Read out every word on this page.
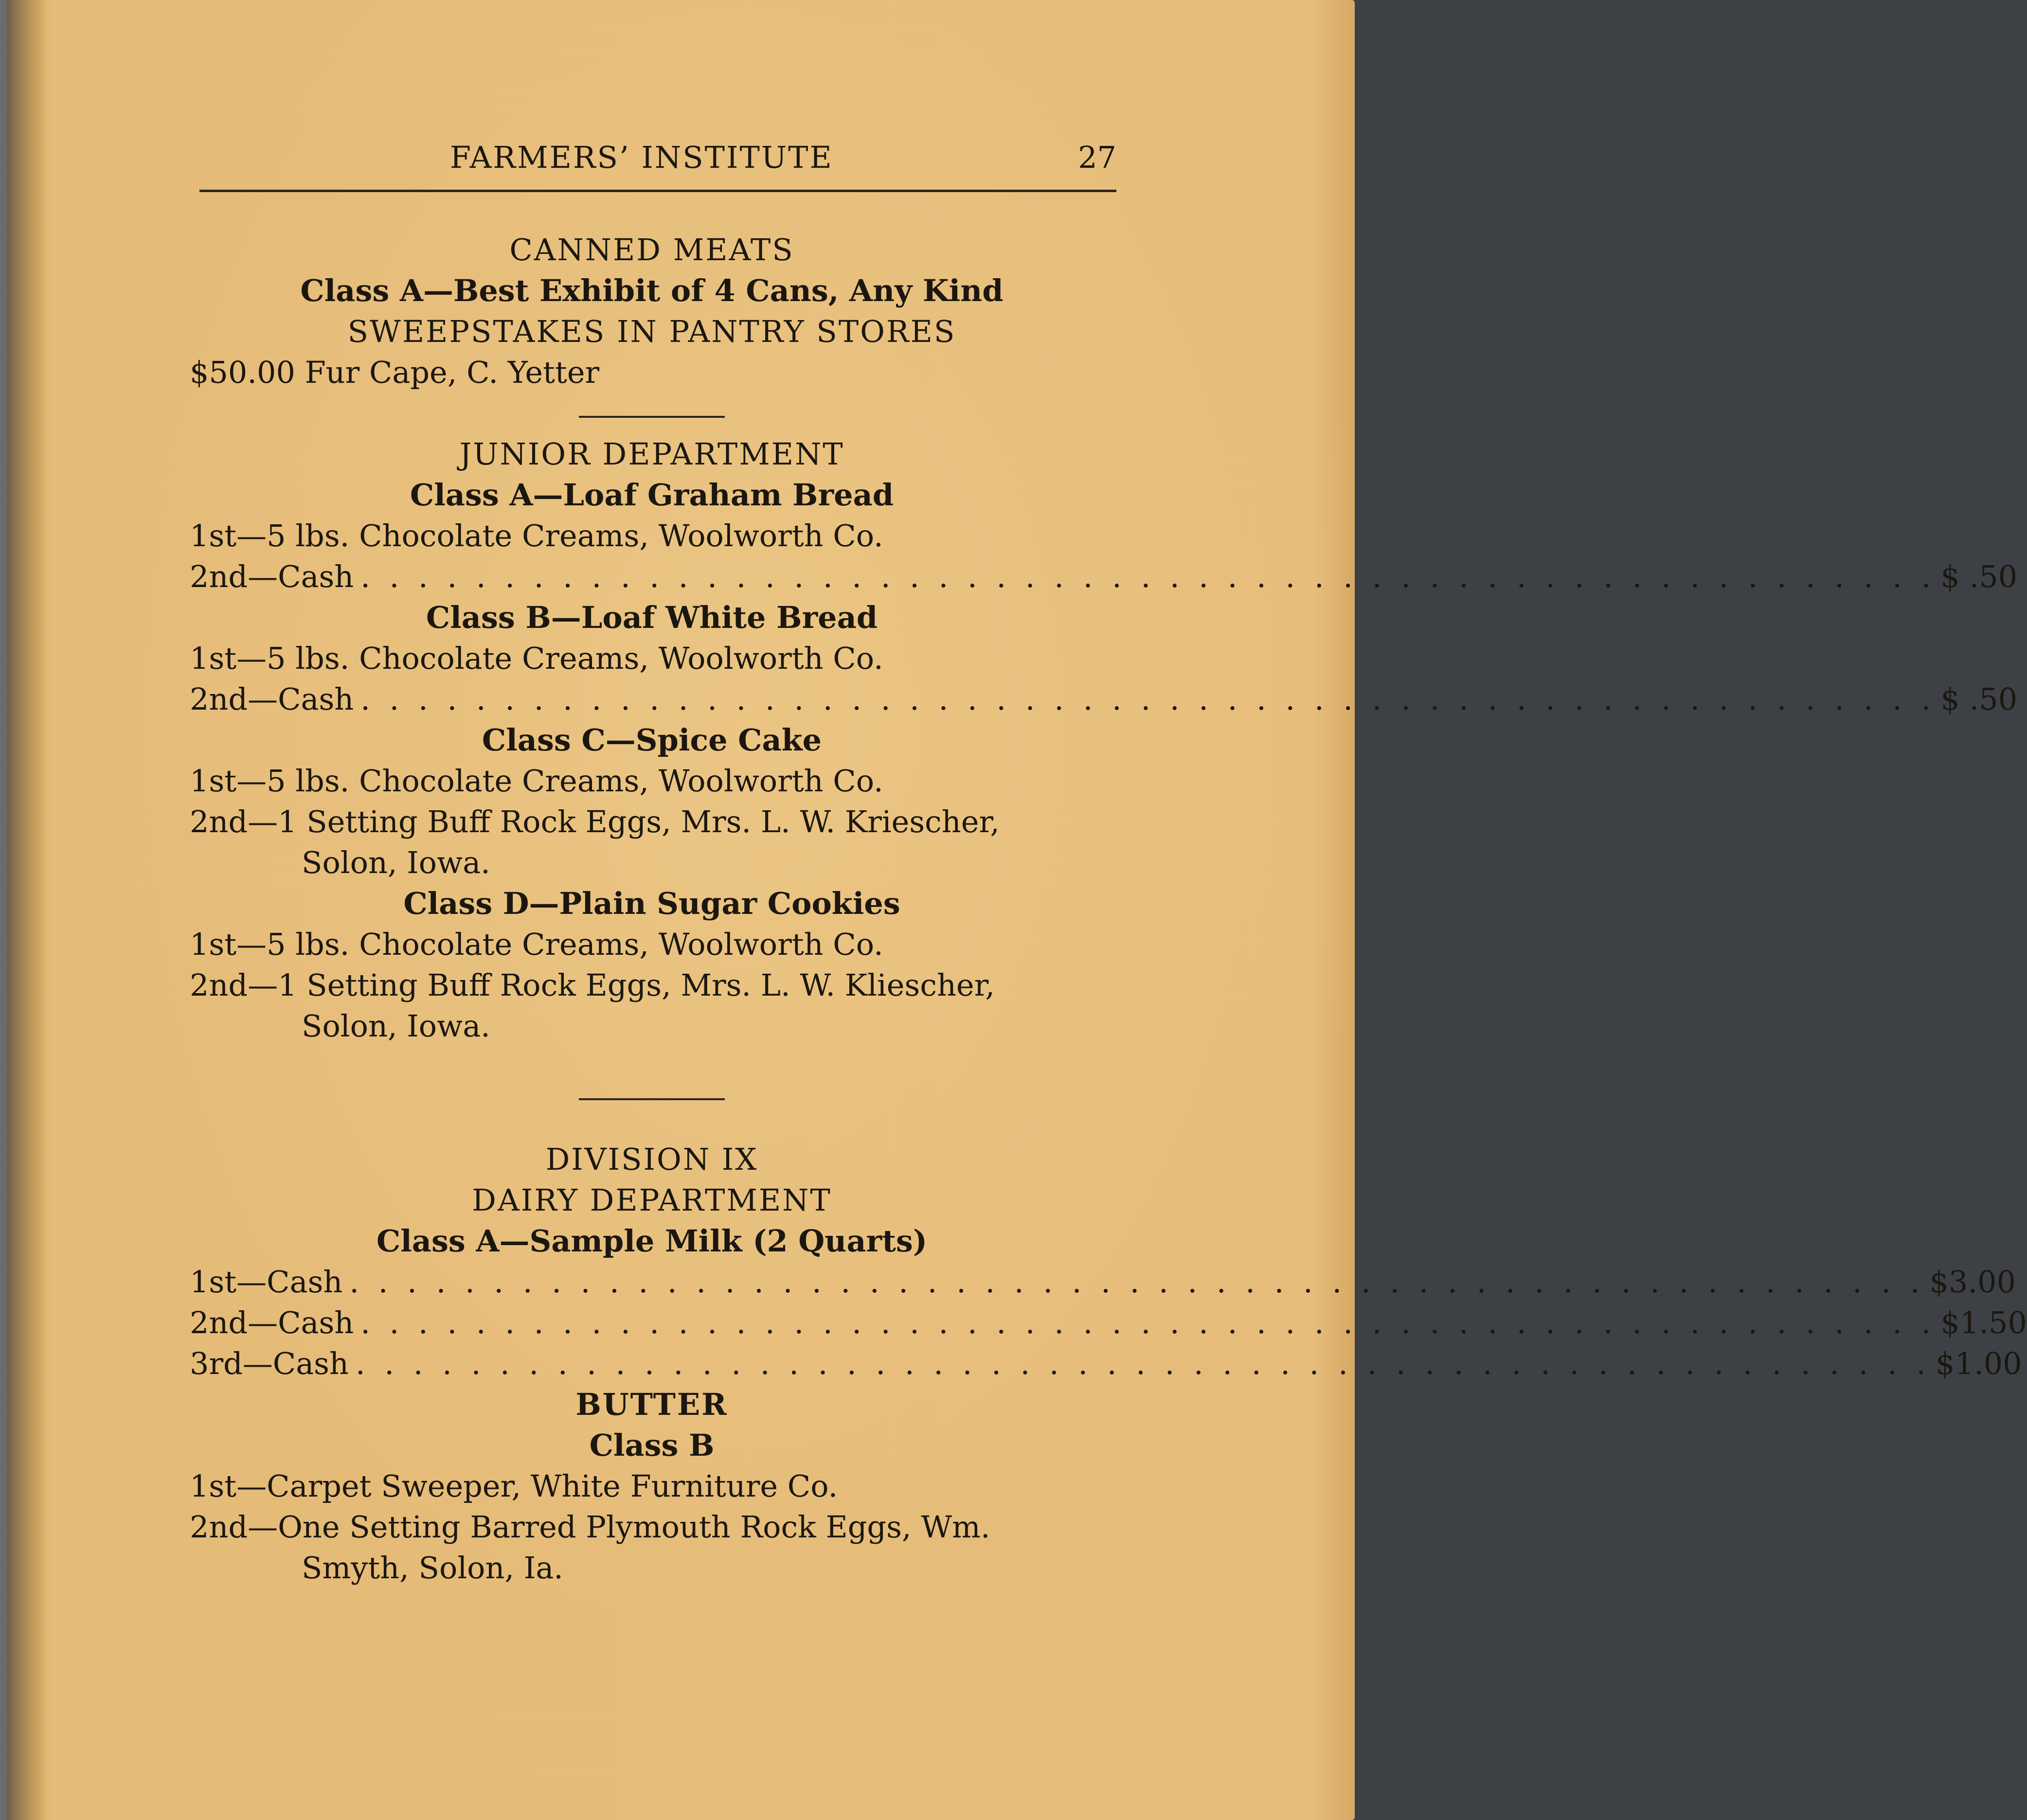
FARMERS’ INSTITUTE	27
CANNED MEATS
Class A—Best Exhibit of 4 Cans, Any Kind
SWEEPSTAKES IN PANTRY STORES
$50.00 Fur Cape, C. Yetter
JUNIOR DEPARTMENT
Class A—Loaf Graham Bread
1st—5 lbs. Chocolate Creams, Woolworth Co.
2nd—Cash . . . . . . . . . . . . . . . . . . . . . . . . . . . . . . . . . . . . . . . . . . . . . . . . . . . . . . . $ .50
Class B—Loaf White Bread
1st—5 lbs. Chocolate Creams, Woolworth Co.
2nd—Cash . . . . . . . . . . . . . . . . . . . . . . . . . . . . . . . . . . . . . . . . . . . . . . . . . . . . . . . $ .50
Class C—Spice Cake
1st—5 lbs. Chocolate Creams, Woolworth Co.
2nd—1 Setting Buff Rock Eggs, Mrs. L. W. Kriescher,
Solon, Iowa.
Class D—Plain Sugar Cookies
1st—5 lbs. Chocolate Creams, Woolworth Co.
2nd—1 Setting Buff Rock Eggs, Mrs. L. W. Kliescher,
Solon, Iowa.
DIVISION IX
DAIRY DEPARTMENT
Class A—Sample Milk (2 Quarts)
1st—Cash . . . . . . . . . . . . . . . . . . . . . . . . . . . . . . . . . . . . . . . . . . . . . . . . . . . . . . . $3.00
2nd—Cash . . . . . . . . . . . . . . . . . . . . . . . . . . . . . . . . . . . . . . . . . . . . . . . . . . . . . . . $1.50
3rd—Cash . . . . . . . . . . . . . . . . . . . . . . . . . . . . . . . . . . . . . . . . . . . . . . . . . . . . . . . $1.00
BUTTER
Class B
1st—Carpet Sweeper, White Furniture Co.
2nd—One Setting Barred Plymouth Rock Eggs, Wm.
Smyth, Solon, Ia.
